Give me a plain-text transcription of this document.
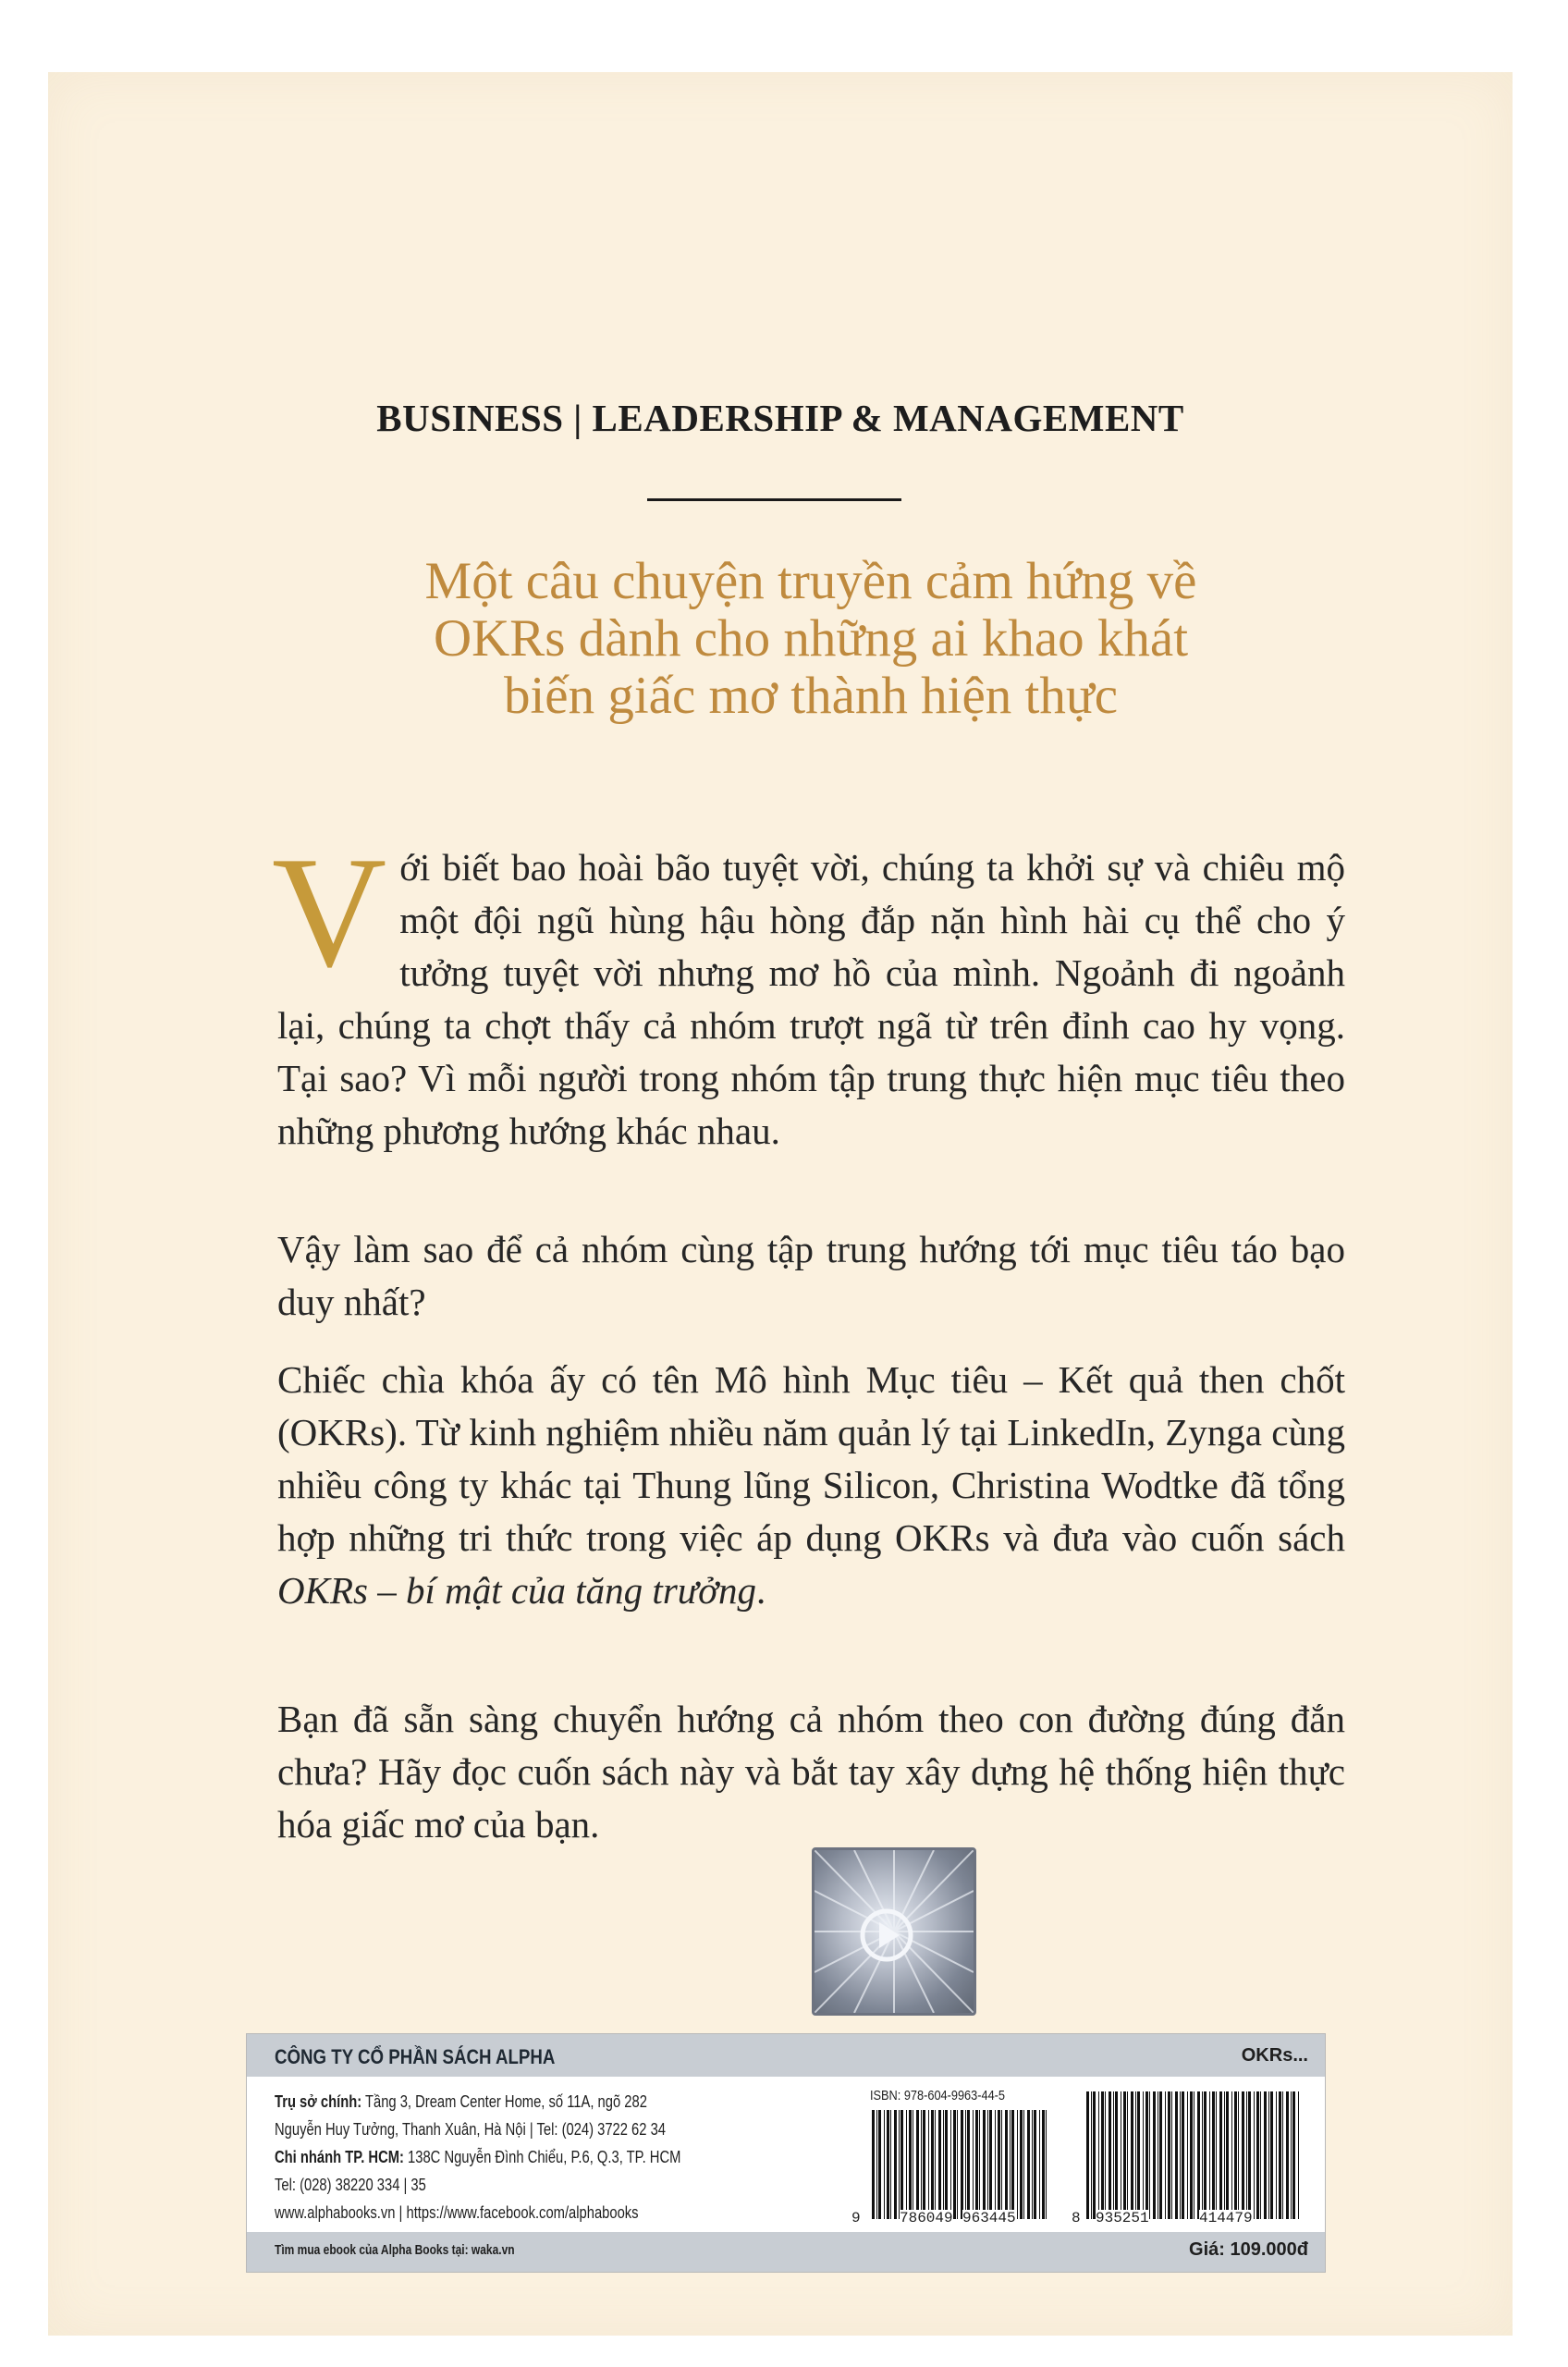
BUSINESS | LEADERSHIP & MANAGEMENT
Một câu chuyện truyền cảm hứng về
OKRs dành cho những ai khao khát
biến giấc mơ thành hiện thực
Với biết bao hoài bão tuyệt vời, chúng ta khởi sự và chiêu mộ một đội ngũ hùng hậu hòng đắp nặn hình hài cụ thể cho ý tưởng tuyệt vời nhưng mơ hồ của mình. Ngoảnh đi ngoảnh lại, chúng ta chợt thấy cả nhóm trượt ngã từ trên đỉnh cao hy vọng. Tại sao? Vì mỗi người trong nhóm tập trung thực hiện mục tiêu theo những phương hướng khác nhau.
Vậy làm sao để cả nhóm cùng tập trung hướng tới mục tiêu táo bạo duy nhất?
Chiếc chìa khóa ấy có tên Mô hình Mục tiêu – Kết quả then chốt (OKRs). Từ kinh nghiệm nhiều năm quản lý tại LinkedIn, Zynga cùng nhiều công ty khác tại Thung lũng Silicon, Christina Wodtke đã tổng hợp những tri thức trong việc áp dụng OKRs và đưa vào cuốn sách OKRs – bí mật của tăng trưởng.
Bạn đã sẵn sàng chuyển hướng cả nhóm theo con đường đúng đắn chưa? Hãy đọc cuốn sách này và bắt tay xây dựng hệ thống hiện thực hóa giấc mơ của bạn.
CÔNG TY CỔ PHẦN SÁCH ALPHA	OKRs...
Trụ sở chính: Tầng 3, Dream Center Home, số 11A, ngõ 282
Nguyễn Huy Tưởng, Thanh Xuân, Hà Nội | Tel: (024) 3722 62 34
Chi nhánh TP. HCM: 138C Nguyễn Đình Chiểu, P.6, Q.3, TP. HCM
Tel: (028) 38220 334 | 35
www.alphabooks.vn | https://www.facebook.com/alphabooks
ISBN: 978-604-9963-44-5
9	786049 963445	8 935251	414479
Tìm mua ebook của Alpha Books tại: waka.vn	Giá: 109.000đ
